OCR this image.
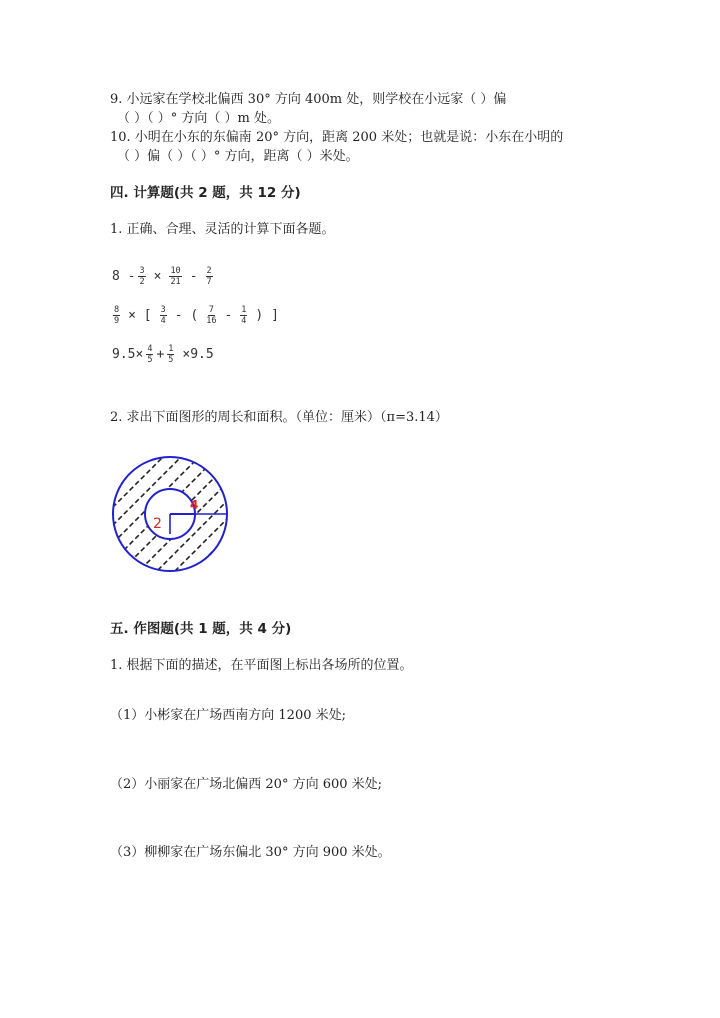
9. 小远家在学校北偏西 30° 方向 400m 处，则学校在小远家（ ）偏
（ ）（ ）° 方向（ ）m 处。
10. 小明在小东的东偏南 20° 方向，距离 200 米处；也就是说：小东在小明的
（ ）偏（ ）（ ）° 方向，距离（ ）米处。
四. 计算题(共 2 题，共 12 分)
1. 正确、合理、灵活的计算下面各题。
$8 - \frac{3}{2} \times \frac{10}{21} - \frac{2}{7}$
$\frac{8}{9}$ × [ $\frac{3}{4}$ - ( $\frac{7}{16} - \frac{1}{4}$ ) ]
$9.5\times \frac{4}{5} + \frac{1}{5} \times 9.5$
2. 求出下面图形的周长和面积。（单位：厘米）（π=3.14）
2
4
五. 作图题(共 1 题，共 4 分)
1. 根据下面的描述，在平面图上标出各场所的位置。
（1）小彬家在广场西南方向 1200 米处;
（2）小丽家在广场北偏西 20° 方向 600 米处;
（3）柳柳家在广场东偏北 30° 方向 900 米处。
